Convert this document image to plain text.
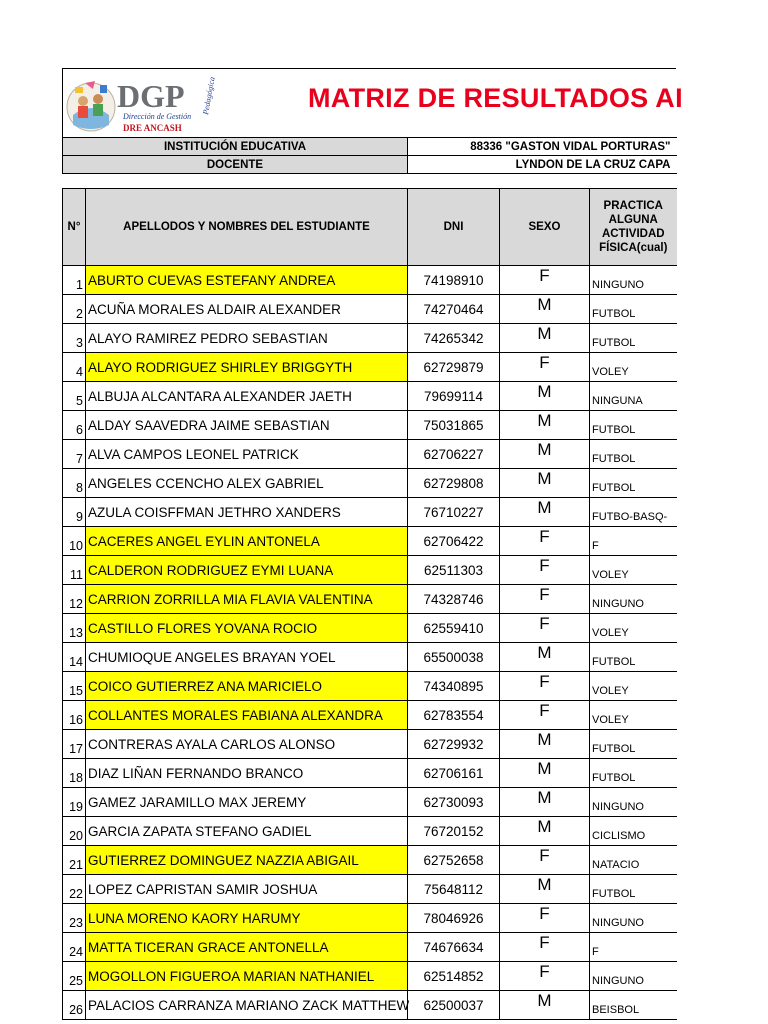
DGP
Dirección de Gestión
DRE ANCASH
Pedagógica	MATRIZ DE RESULTADOS AI
INSTITUCIÓN EDUCATIVA	88336 "GASTON VIDAL PORTURAS"
DOCENTE	LYNDON DE LA CRUZ CAPA
N°	APELLODOS Y NOMBRES DEL ESTUDIANTE	DNI	SEXO	PRACTICA ALGUNA ACTIVIDAD FÍSICA(cual)
1	ABURTO CUEVAS ESTEFANY ANDREA	74198910	F	NINGUNO
2	ACUÑA MORALES ALDAIR ALEXANDER	74270464	M	FUTBOL
3	ALAYO RAMIREZ PEDRO SEBASTIAN	74265342	M	FUTBOL
4	ALAYO RODRIGUEZ SHIRLEY BRIGGYTH	62729879	F	VOLEY
5	ALBUJA ALCANTARA ALEXANDER JAETH	79699114	M	NINGUNA
6	ALDAY SAAVEDRA JAIME SEBASTIAN	75031865	M	FUTBOL
7	ALVA CAMPOS LEONEL PATRICK	62706227	M	FUTBOL
8	ANGELES CCENCHO ALEX GABRIEL	62729808	M	FUTBOL
9	AZULA COISFFMAN JETHRO XANDERS	76710227	M	FUTBO-BASQ-
10	CACERES ANGEL EYLIN ANTONELA	62706422	F	F
11	CALDERON RODRIGUEZ EYMI LUANA	62511303	F	VOLEY
12	CARRION ZORRILLA MIA FLAVIA VALENTINA	74328746	F	NINGUNO
13	CASTILLO FLORES YOVANA ROCIO	62559410	F	VOLEY
14	CHUMIOQUE ANGELES BRAYAN YOEL	65500038	M	FUTBOL
15	COICO GUTIERREZ ANA MARICIELO	74340895	F	VOLEY
16	COLLANTES MORALES FABIANA ALEXANDRA	62783554	F	VOLEY
17	CONTRERAS AYALA CARLOS ALONSO	62729932	M	FUTBOL
18	DIAZ LIÑAN FERNANDO BRANCO	62706161	M	FUTBOL
19	GAMEZ JARAMILLO MAX JEREMY	62730093	M	NINGUNO
20	GARCIA ZAPATA STEFANO GADIEL	76720152	M	CICLISMO
21	GUTIERREZ DOMINGUEZ NAZZIA ABIGAIL	62752658	F	NATACIO
22	LOPEZ CAPRISTAN SAMIR JOSHUA	75648112	M	FUTBOL
23	LUNA MORENO KAORY HARUMY	78046926	F	NINGUNO
24	MATTA TICERAN GRACE ANTONELLA	74676634	F	F
25	MOGOLLON FIGUEROA MARIAN NATHANIEL	62514852	F	NINGUNO
26	PALACIOS CARRANZA MARIANO ZACK MATTHEW	62500037	M	BEISBOL
